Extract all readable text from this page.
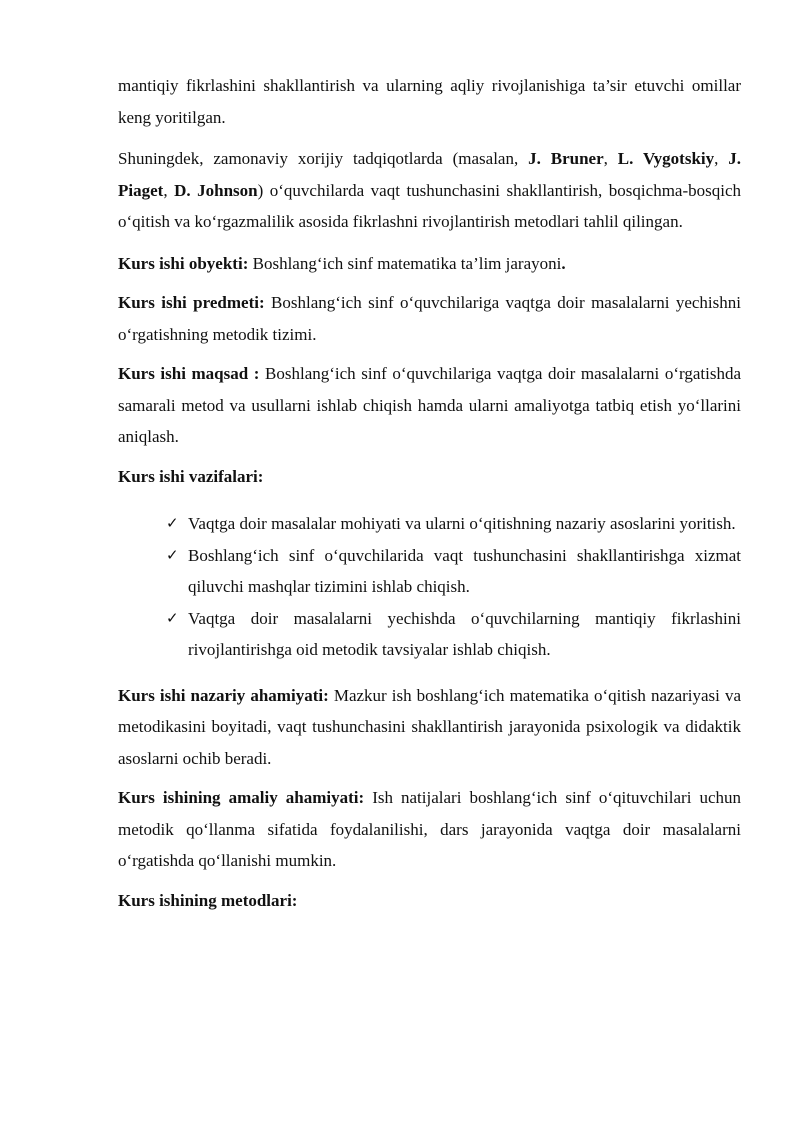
mantiqiy fikrlashini shakllantirish va ularning aqliy rivojlanishiga ta’sir etuvchi omillar keng yoritilgan.

Shuningdek, zamonaviy xorijiy tadqiqotlarda (masalan, J. Bruner, L. Vygotskiy, J. Piaget, D. Johnson) o‘quvchilarda vaqt tushunchasini shakllantirish, bosqichma-bosqich o‘qitish va ko‘rgazmalilik asosida fikrlashni rivojlantirish metodlari tahlil qilingan.

Kurs ishi obyekti: Boshlang‘ich sinf matematika ta’lim jarayoni.

Kurs ishi predmeti: Boshlang‘ich sinf o‘quvchilariga vaqtga doir masalalarni yechishni o‘rgatishning metodik tizimi.

Kurs ishi maqsad : Boshlang‘ich sinf o‘quvchilariga vaqtga doir masalalarni o‘rgatishda samarali metod va usullarni ishlab chiqish hamda ularni amaliyotga tatbiq etish yo‘llarini aniqlash.

Kurs ishi vazifalari:

✓ Vaqtga doir masalalar mohiyati va ularni o‘qitishning nazariy asoslarini yoritish.
✓ Boshlang‘ich sinf o‘quvchilarida vaqt tushunchasini shakllantirishga xizmat qiluvchi mashqlar tizimini ishlab chiqish.
✓ Vaqtga doir masalalarni yechishda o‘quvchilarning mantiqiy fikrlashini rivojlantirishga oid metodik tavsiyalar ishlab chiqish.

Kurs ishi nazariy ahamiyati: Mazkur ish boshlang‘ich matematika o‘qitish nazariyasi va metodikasini boyitadi, vaqt tushunchasini shakllantirish jarayonida psixologik va didaktik asoslarni ochib beradi.

Kurs ishining amaliy ahamiyati: Ish natijalari boshlang‘ich sinf o‘qituvchilari uchun metodik qo‘llanma sifatida foydalanilishi, dars jarayonida vaqtga doir masalalarni o‘rgatishda qo‘llanishi mumkin.

Kurs ishining metodlari:
